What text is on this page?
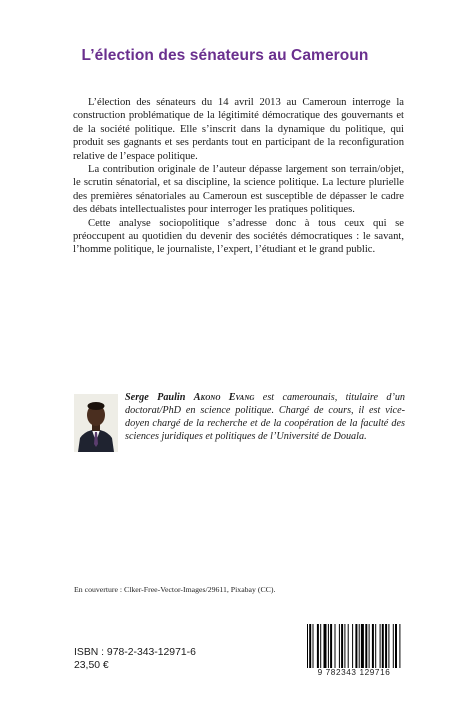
L’élection des sénateurs au Cameroun

L’élection des sénateurs du 14 avril 2013 au Cameroun interroge la construction problématique de la légitimité démocratique des gouvernants et de la société politique. Elle s’inscrit dans la dynamique du politique, qui produit ses gagnants et ses perdants tout en participant de la reconfiguration relative de l’espace politique.

La contribution originale de l’auteur dépasse largement son terrain/objet, le scrutin sénatorial, et sa discipline, la science politique. La lecture plurielle des premières sénatoriales au Cameroun est susceptible de dépasser le cadre des débats intellectualistes pour interroger les pratiques politiques.

Cette analyse sociopolitique s’adresse donc à tous ceux qui se préoccupent au quotidien du devenir des sociétés démocratiques : le savant, l’homme politique, le journaliste, l’expert, l’étudiant et le grand public.

Serge Paulin Akono Evang est camerounais, titulaire d’un doctorat/PhD en science politique. Chargé de cours, il est vice-doyen chargé de la recherche et de la coopération de la faculté des sciences juridiques et politiques de l’Université de Douala.
En couverture : Clker-Free-Vector-Images/29611, Pixabay (CC).
ISBN : 978-2-343-12971-6
23,50 €
9 782343 129716
